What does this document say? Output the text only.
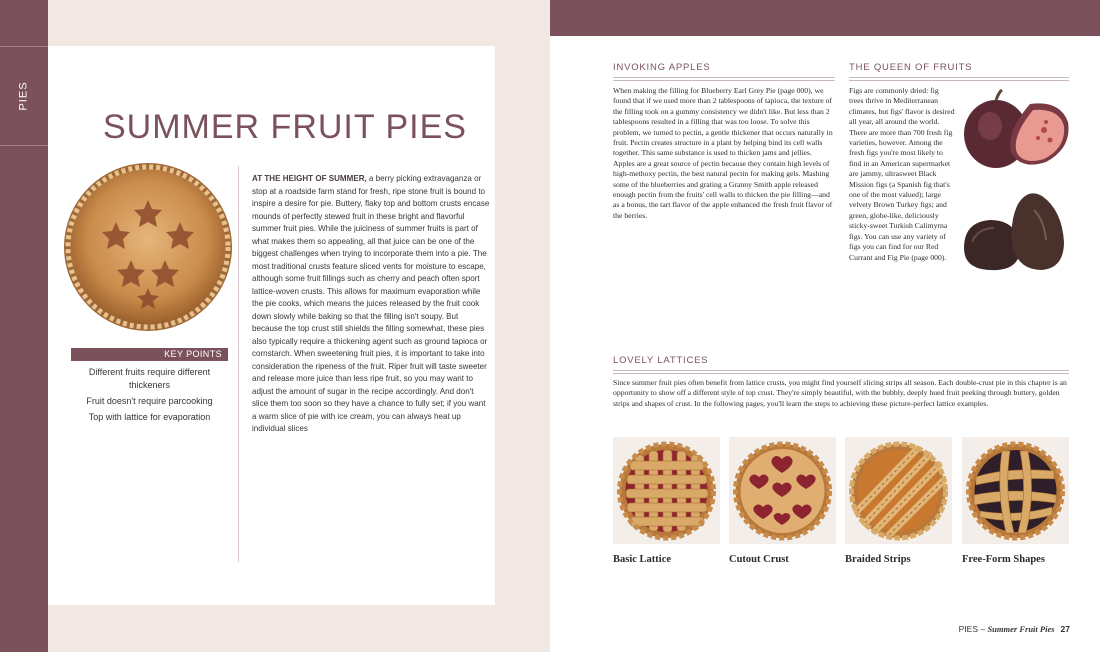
PIES
SUMMER FRUIT PIES
KEY POINTS
Different fruits require different thickeners
Fruit doesn't require parcooking
Top with lattice for evaporation

AT THE HEIGHT OF SUMMER, a berry picking extravaganza or stop at a roadside farm stand for fresh, ripe stone fruit is bound to inspire a desire for pie. Buttery, flaky top and bottom crusts encase mounds of perfectly stewed fruit in these bright and flavorful summer fruit pies. While the juiciness of summer fruits is part of what makes them so appealing, all that juice can be one of the biggest challenges when trying to incorporate them into a pie. The most traditional crusts feature sliced vents for moisture to escape, although some fruit fillings such as cherry and peach often sport lattice-woven crusts. This allows for maximum evaporation while the pie cooks, which means the juices released by the fruit cook down slowly while baking so that the filling isn't soupy. But because the top crust still shields the filling somewhat, these pies also typically require a thickening agent such as ground tapioca or cornstarch. When sweetening fruit pies, it is important to take into consideration the ripeness of the fruit. Riper fruit will taste sweeter and release more juice than less ripe fruit, so you may want to adjust the amount of sugar in the recipe accordingly. And don't slice them too soon so they have a chance to fully set; if you want a warm slice of pie with ice cream, you can always heat up individual slices

INVOKING APPLES

When making the filling for Blueberry Earl Grey Pie (page 000), we found that if we used more than 2 tablespoons of tapioca, the texture of the filling took on a gummy consistency we didn't like. But less than 2 tablespoons resulted in a filling that was too loose. To solve this problem, we turned to pectin, a gentle thickener that occurs naturally in fruit. Pectin creates structure in a plant by helping bind its cell walls together. This same substance is used to thicken jams and jellies. Apples are a great source of pectin because they contain high levels of high-methoxy pectin, the best natural pectin for making gels. Mashing some of the blueberries and grating a Granny Smith apple released enough pectin from the fruits' cell walls to thicken the pie filling—and as a bonus, the tart flavor of the apple enhanced the fresh fruit flavor of the berries.

THE QUEEN OF FRUITS

Figs are commonly dried: fig trees thrive in Mediterranean climates, but figs' flavor is desired all year, all around the world. There are more than 700 fresh fig varieties, however. Among the fresh figs you're most likely to find in an American supermarket are jammy, ultrasweet Black Mission figs (a Spanish fig that's one of the most valued); large velvety Brown Turkey figs; and green, globe-like, deliciously sticky-sweet Turkish Calimyrna figs. You can use any variety of figs you can find for our Red Currant and Fig Pie (page 000).

LOVELY LATTICES

Since summer fruit pies often benefit from lattice crusts, you might find yourself slicing strips all season. Each double-crust pie in this chapter is an opportunity to show off a different style of top crust. They're simply beautiful, with the bubbly, deeply hued fruit peeking through buttery, golden strips and shapes of crust. In the following pages, you'll learn the steps to achieving these picture-perfect lattice examples.

Basic Lattice	Cutout Crust	Braided Strips	Free-Form Shapes
PIES – Summer Fruit Pies 27
